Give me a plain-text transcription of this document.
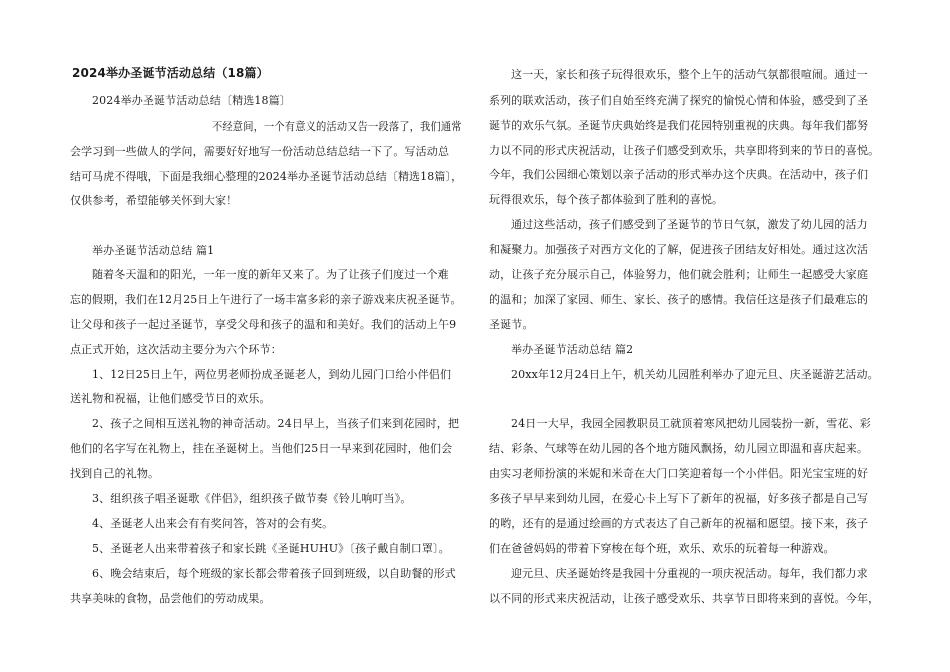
2024举办圣诞节活动总结（18篇）
2024举办圣诞节活动总结〔精选18篇〕
不经意间，一个有意义的活动又告一段落了，我们通常
会学习到一些做人的学问，需要好好地写一份活动总结总结一下了。写活动总
结可马虎不得哦，下面是我细心整理的2024举办圣诞节活动总结〔精选18篇〕，
仅供参考，希望能够关怀到大家！
举办圣诞节活动总结 篇1
随着冬天温和的阳光，一年一度的新年又来了。为了让孩子们度过一个难
忘的假期，我们在12月25日上午进行了一场丰富多彩的亲子游戏来庆祝圣诞节。
让父母和孩子一起过圣诞节，享受父母和孩子的温和和美好。我们的活动上午9
点正式开始，这次活动主要分为六个环节：
1、12日25日上午，两位男老师扮成圣诞老人，到幼儿园门口给小伴侣们
送礼物和祝福，让他们感受节日的欢乐。
2、孩子之间相互送礼物的神奇活动。24日早上，当孩子们来到花园时，把
他们的名字写在礼物上，挂在圣诞树上。当他们25日一早来到花园时，他们会
找到自己的礼物。
3、组织孩子唱圣诞歌《伴侣》，组织孩子做节奏《铃儿响叮当》。
4、圣诞老人出来会有有奖问答，答对的会有奖。
5、圣诞老人出来带着孩子和家长跳《圣诞HUHU》〔孩子戴自制口罩〕。
6、晚会结束后，每个班级的家长都会带着孩子回到班级，以自助餐的形式
共享美味的食物，品尝他们的劳动成果。
这一天，家长和孩子玩得很欢乐，整个上午的活动气氛都很喧闹。通过一
系列的联欢活动，孩子们自始至终充满了探究的愉悦心情和体验，感受到了圣
诞节的欢乐气氛。圣诞节庆典始终是我们花园特别重视的庆典。每年我们都努
力以不同的形式庆祝活动，让孩子们感受到欢乐，共享即将到来的节日的喜悦。
今年，我们公园细心策划以亲子活动的形式举办这个庆典。在活动中，孩子们
玩得很欢乐，每个孩子都体验到了胜利的喜悦。
通过这些活动，孩子们感受到了圣诞节的节日气氛，激发了幼儿园的活力
和凝聚力。加强孩子对西方文化的了解，促进孩子团结友好相处。通过这次活
动，让孩子充分展示自己，体验努力，他们就会胜利；让师生一起感受大家庭
的温和；加深了家园、师生、家长、孩子的感情。我信任这是孩子们最难忘的
圣诞节。
举办圣诞节活动总结 篇2
20xx年12月24日上午，机关幼儿园胜利举办了迎元旦、庆圣诞游艺活动。
24日一大早，我园全园教职员工就顶着寒风把幼儿园装扮一新，雪花、彩
结、彩条、气球等在幼儿园的各个地方随风飘扬，幼儿园立即温和喜庆起来。
由实习老师扮演的米妮和米奇在大门口笑迎着每一个小伴侣。阳光宝宝班的好
多孩子早早来到幼儿园，在爱心卡上写下了新年的祝福，好多孩子都是自己写
的哟，还有的是通过绘画的方式表达了自己新年的祝福和愿望。接下来，孩子
们在爸爸妈妈的带着下穿梭在每个班，欢乐、欢乐的玩着每一种游戏。
迎元旦、庆圣诞始终是我园十分重视的一项庆祝活动。每年，我们都力求
以不同的形式来庆祝活动，让孩子感受欢乐、共享节日即将来到的喜悦。今年，
